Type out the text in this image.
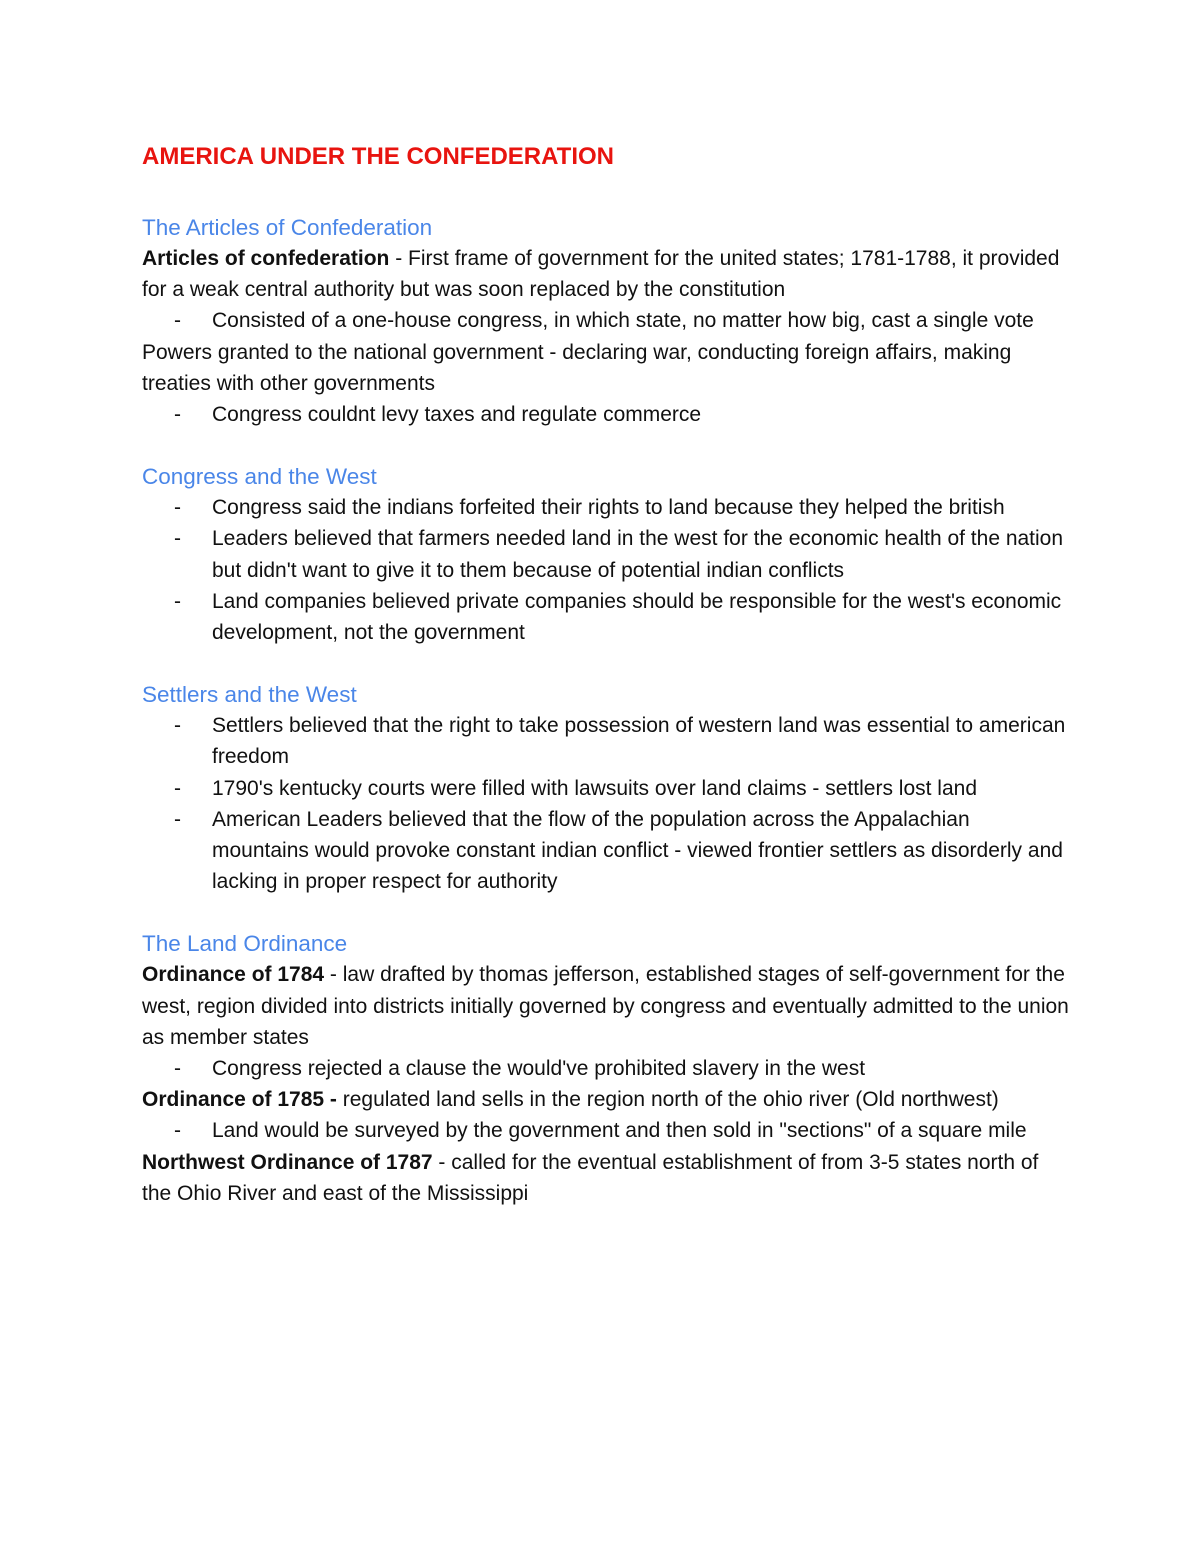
AMERICA UNDER THE CONFEDERATION
The Articles of Confederation

Articles of confederation - First frame of government for the united states; 1781-1788, it provided for a weak central authority but was soon replaced by the constitution

- Consisted of a one-house congress, in which state, no matter how big, cast a single vote

Powers granted to the national government - declaring war, conducting foreign affairs, making treaties with other governments

- Congress couldnt levy taxes and regulate commerce
Congress and the West
- Congress said the indians forfeited their rights to land because they helped the british
- Leaders believed that farmers needed land in the west for the economic health of the nation but didn't want to give it to them because of potential indian conflicts
- Land companies believed private companies should be responsible for the west's economic development, not the government
Settlers and the West
- Settlers believed that the right to take possession of western land was essential to american freedom
- 1790's kentucky courts were filled with lawsuits over land claims - settlers lost land
- American Leaders believed that the flow of the population across the Appalachian mountains would provoke constant indian conflict - viewed frontier settlers as disorderly and lacking in proper respect for authority
The Land Ordinance

Ordinance of 1784 - law drafted by thomas jefferson, established stages of self-government for the west, region divided into districts initially governed by congress and eventually admitted to the union as member states

- Congress rejected a clause the would've prohibited slavery in the west

Ordinance of 1785 - regulated land sells in the region north of the ohio river (Old northwest)

- Land would be surveyed by the government and then sold in "sections" of a square mile

Northwest Ordinance of 1787 - called for the eventual establishment of from 3-5 states north of the Ohio River and east of the Mississippi
